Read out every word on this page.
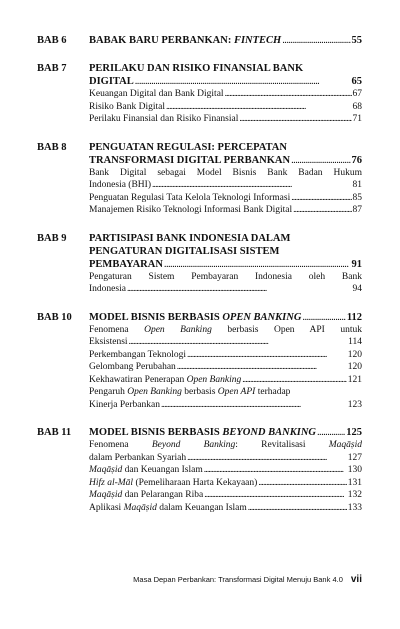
BAB 6 BABAK BARU PERBANKAN: FINTECH . . .	55
BAB 7 PERILAKU DAN RISIKO FINANSIAL BANK
DIGITAL . . .	65
Keuangan Digital dan Bank Digital . . .	67
Risiko Bank Digital . . .	68
Perilaku Finansial dan Risiko Finansial . . .	71
BAB 8 PENGUATAN REGULASI: PERCEPATAN
TRANSFORMASI DIGITAL PERBANKAN . . .	76
Bank Digital sebagai Model Bisnis Bank Badan Hukum
Indonesia (BHI) . . .	81
Penguatan Regulasi Tata Kelola Teknologi Informasi . . .	85
Manajemen Risiko Teknologi Informasi Bank Digital . . .	87
BAB 9 PARTISIPASI BANK INDONESIA DALAM
PENGATURAN DIGITALISASI SISTEM
PEMBAYARAN . . .	91
Pengaturan Sistem Pembayaran Indonesia oleh Bank
Indonesia . . .	94
BAB 10 MODEL BISNIS BERBASIS OPEN BANKING . . .	112
Fenomena Open Banking berbasis Open API untuk
Eksistensi . . .	114
Perkembangan Teknologi . . .	120
Gelombang Perubahan . . .	120
Kekhawatiran Penerapan Open Banking . . .	121
Pengaruh Open Banking berbasis Open API terhadap
Kinerja Perbankan . . .	123
BAB 11 MODEL BISNIS BERBASIS BEYOND BANKING . . .	125
Fenomena Beyond Banking: Revitalisasi Maqāṣid
dalam Perbankan Syariah . . .	127
Maqāṣid dan Keuangan Islam . . .	130
Hifz al-Māl (Pemeliharaan Harta Kekayaan) . . .	131
Maqāṣid dan Pelarangan Riba . . .	132
Aplikasi Maqāṣid dalam Keuangan Islam . . .	133
Masa Depan Perbankan: Transformasi Digital Menuju Bank 4.0 vii
